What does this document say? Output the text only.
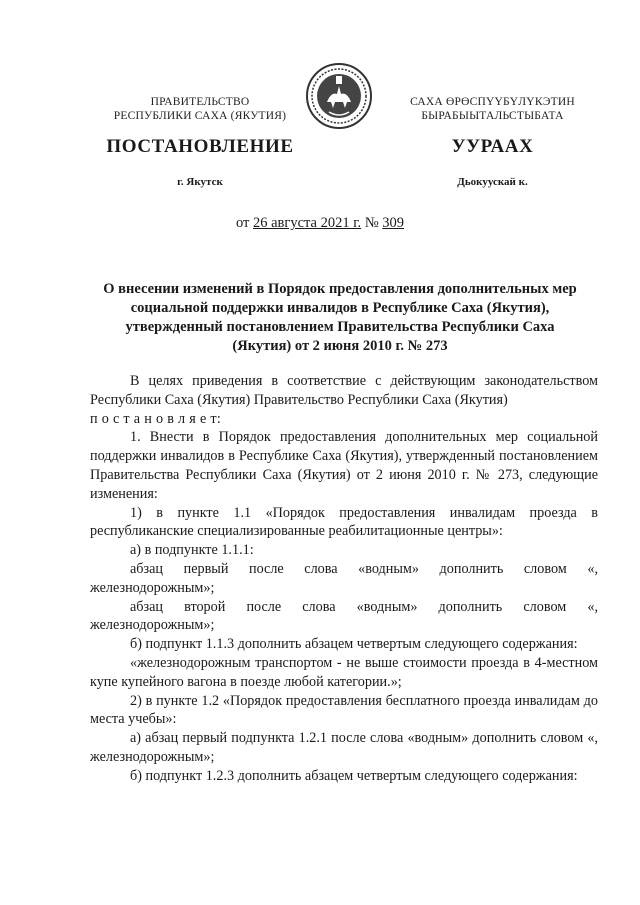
ПРАВИТЕЛЬСТВО
РЕСПУБЛИКИ САХА (ЯКУТИЯ)
САХА ӨРӨСПҮҮБҮЛҮКЭТИН
БЫРАБЫЫТАЛЬСТЫБАТА
ПОСТАНОВЛЕНИЕ	УУРААХ
г. Якутск	Дьокуускай к.
от 26 августа 2021 г. № 309
О внесении изменений в Порядок предоставления дополнительных мер
социальной поддержки инвалидов в Республике Саха (Якутия),
утвержденный постановлением Правительства Республики Саха
(Якутия) от 2 июня 2010 г. № 273

В целях приведения в соответствие с действующим законодательством Республики Саха (Якутия) Правительство Республики Саха (Якутия)

п о с т а н о в л я е т:

1. Внести в Порядок предоставления дополнительных мер социальной поддержки инвалидов в Республике Саха (Якутия), утвержденный постановлением Правительства Республики Саха (Якутия) от 2 июня 2010 г. № 273, следующие изменения:

1) в пункте 1.1 «Порядок предоставления инвалидам проезда в республиканские специализированные реабилитационные центры»:

а) в подпункте 1.1.1:

абзац первый после слова «водным» дополнить словом «, железнодорожным»;

абзац второй после слова «водным» дополнить словом «, железнодорожным»;

б) подпункт 1.1.3 дополнить абзацем четвертым следующего содержания:

«железнодорожным транспортом - не выше стоимости проезда в 4-местном купе купейного вагона в поезде любой категории.»;

2) в пункте 1.2 «Порядок предоставления бесплатного проезда инвалидам до места учебы»:

а) абзац первый подпункта 1.2.1 после слова «водным» дополнить словом «, железнодорожным»;

б) подпункт 1.2.3 дополнить абзацем четвертым следующего содержания:
